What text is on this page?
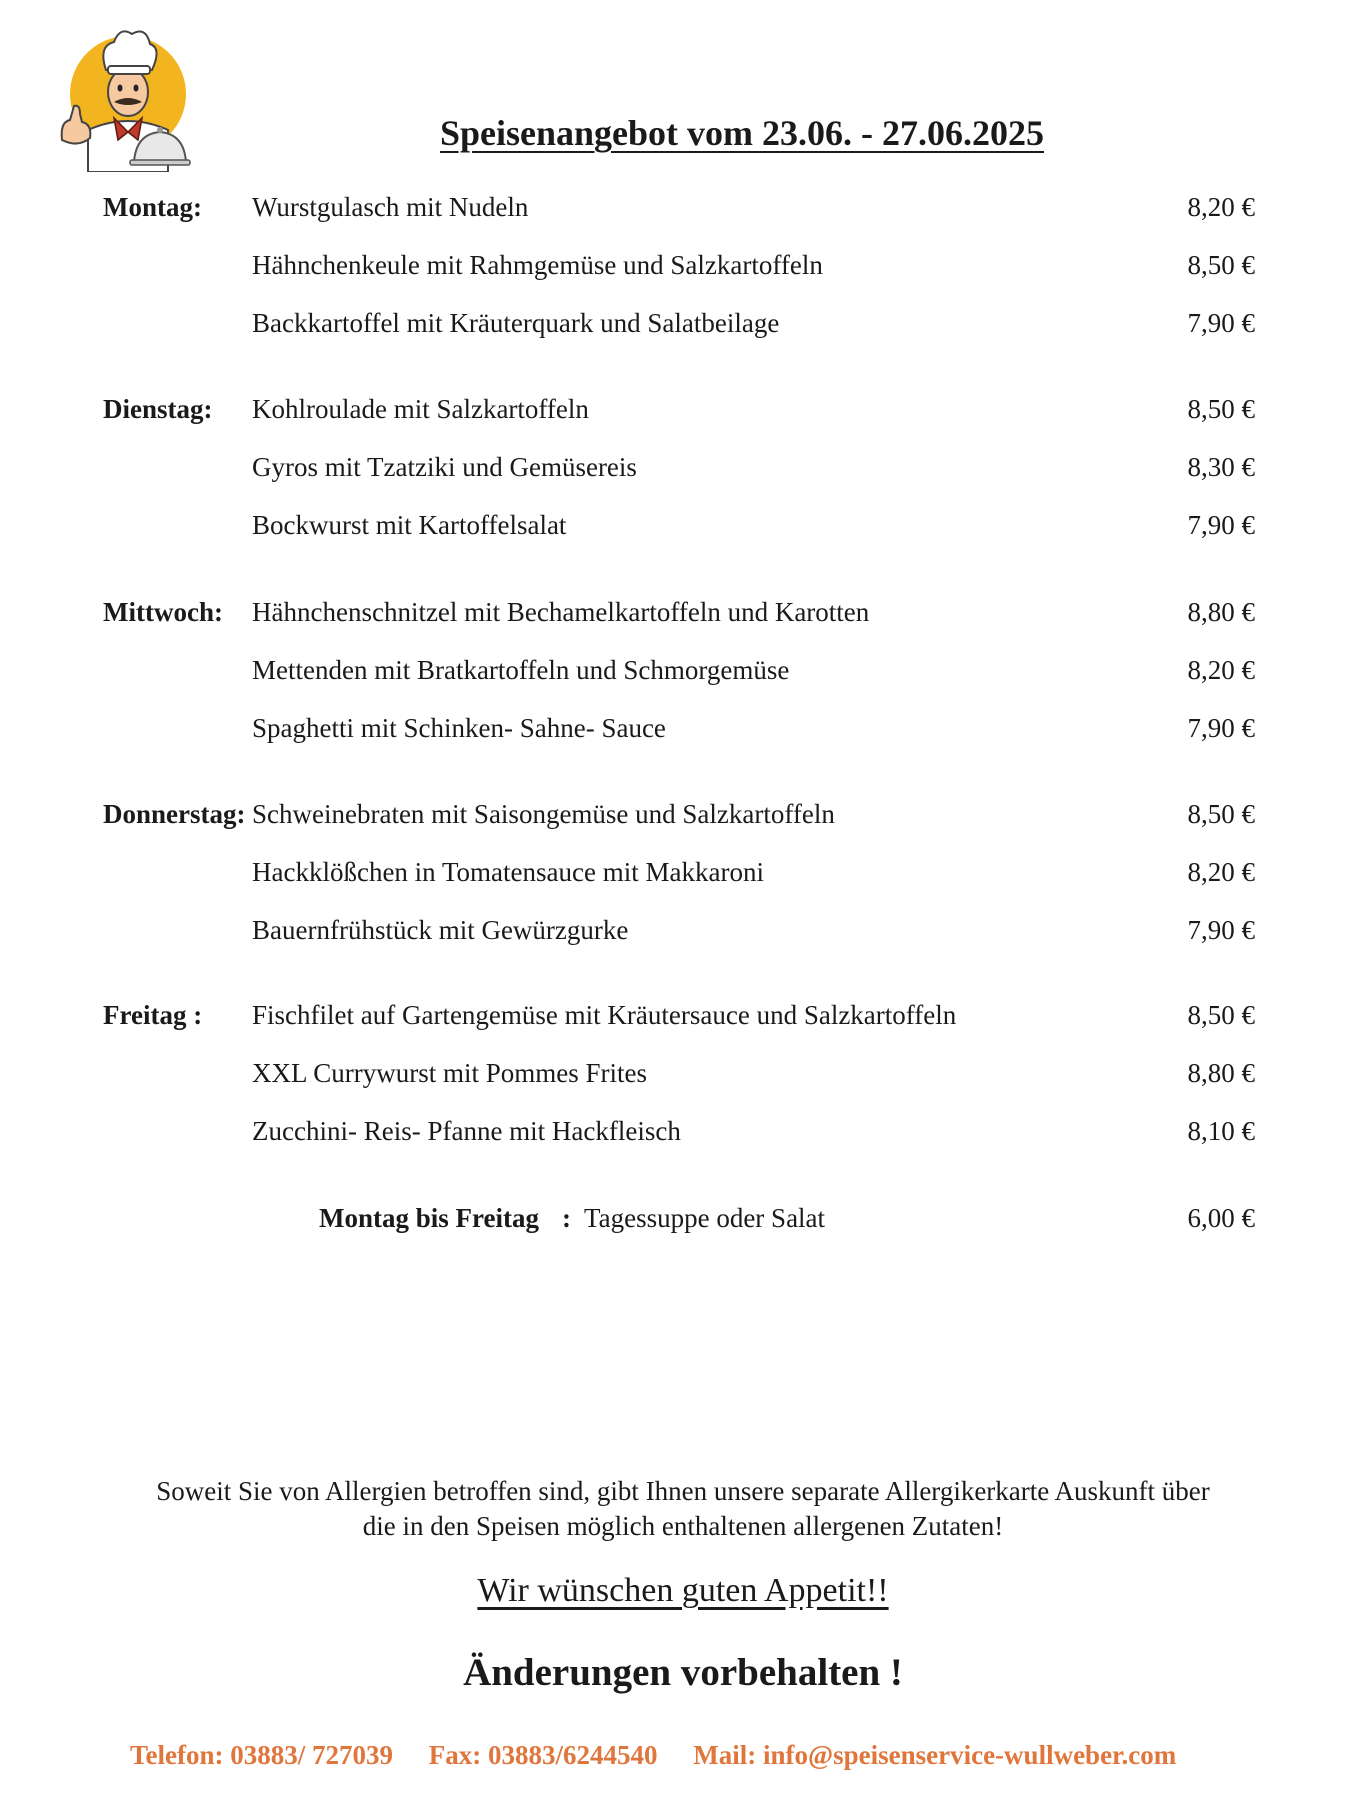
Speisenangebot vom 23.06. - 27.06.2025
Montag: Wurstgulasch mit Nudeln	8,20 €
Hähnchenkeule mit Rahmgemüse und Salzkartoffeln	8,50 €
Backkartoffel mit Kräuterquark und Salatbeilage	7,90 €
Dienstag: Kohlroulade mit Salzkartoffeln	8,50 €
Gyros mit Tzatziki und Gemüsereis	8,30 €
Bockwurst mit Kartoffelsalat	7,90 €
Mittwoch: Hähnchenschnitzel mit Bechamelkartoffeln und Karotten	8,80 €
Mettenden mit Bratkartoffeln und Schmorgemüse	8,20 €
Spaghetti mit Schinken- Sahne- Sauce	7,90 €
Donnerstag: Schweinebraten mit Saisongemüse und Salzkartoffeln	8,50 €
Hackklößchen in Tomatensauce mit Makkaroni	8,20 €
Bauernfrühstück mit Gewürzgurke	7,90 €
Freitag : Fischfilet auf Gartengemüse mit Kräutersauce und Salzkartoffeln	8,50 €
XXL Currywurst mit Pommes Frites	8,80 €
Zucchini- Reis- Pfanne mit Hackfleisch	8,10 €
Montag bis Freitag : Tagessuppe oder Salat	6,00 €
Soweit Sie von Allergien betroffen sind, gibt Ihnen unsere separate Allergikerkarte Auskunft über
die in den Speisen möglich enthaltenen allergenen Zutaten!
Wir wünschen guten Appetit!!
Änderungen vorbehalten !
Telefon: 03883/ 727039 Fax: 03883/6244540 Mail: info@speisenservice-wullweber.com
